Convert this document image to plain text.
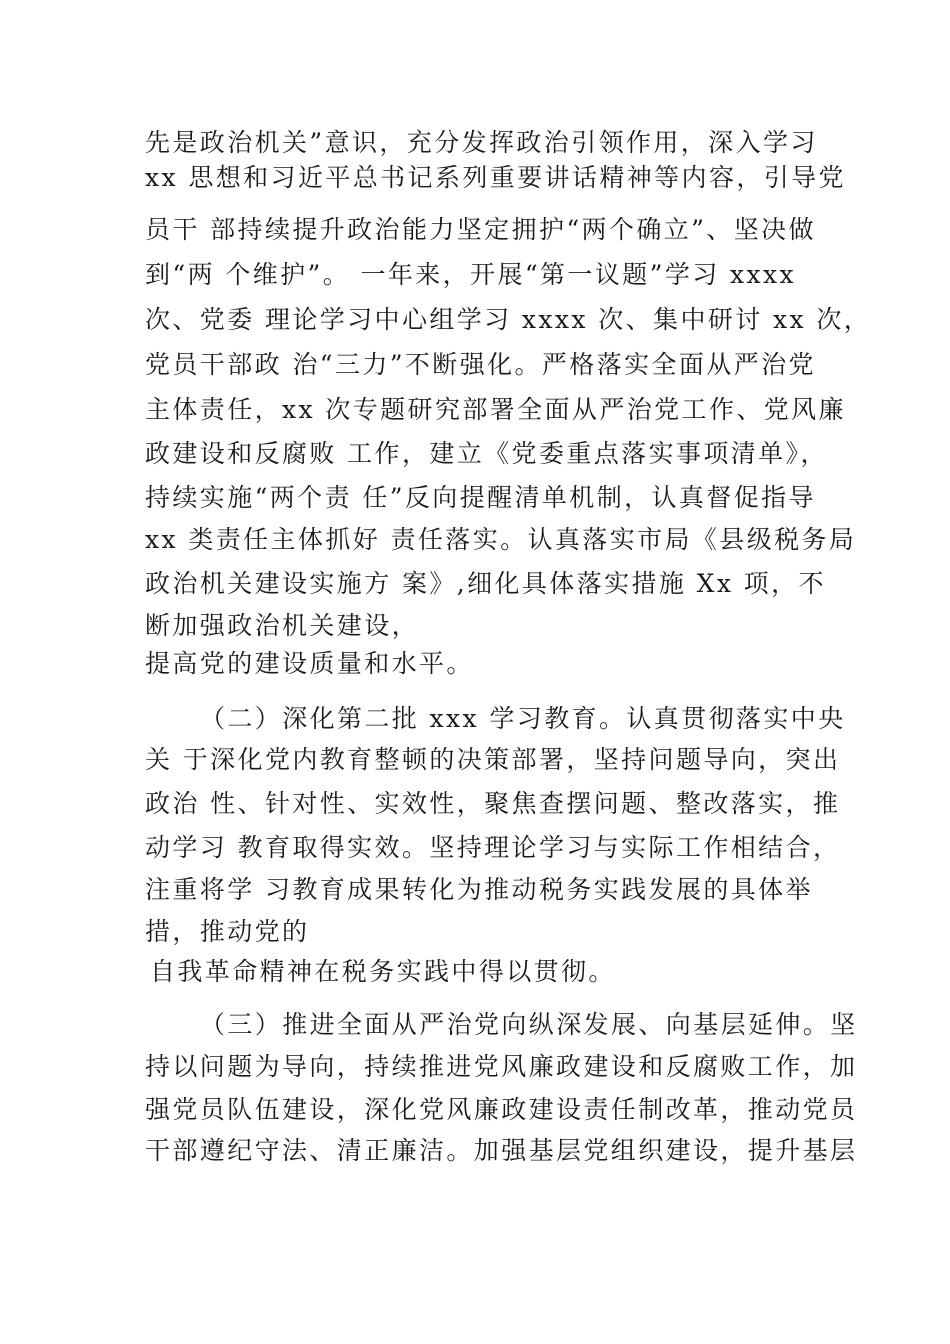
先是政治机关”意识，充分发挥政治引领作用，深入学习
xx 思想和习近平总书记系列重要讲话精神等内容，引导党
员干 部持续提升政治能力坚定拥护“两个确立”、坚决做
到“两 个维护”。 一年来，开展“第一议题”学习 xxxx
次、党委 理论学习中心组学习 xxxx 次、集中研讨 xx 次，
党员干部政 治“三力”不断强化。严格落实全面从严治党
主体责任，xx 次专题研究部署全面从严治党工作、党风廉
政建设和反腐败 工作，建立《党委重点落实事项清单》，
持续实施“两个责 任”反向提醒清单机制，认真督促指导
xx 类责任主体抓好 责任落实。认真落实市局《县级税务局
政治机关建设实施方 案》,细化具体落实措施 Xx 项，不
断加强政治机关建设，
提高党的建设质量和水平。
（二）深化第二批 xxx 学习教育。认真贯彻落实中央
关 于深化党内教育整顿的决策部署，坚持问题导向，突出
政治 性、针对性、实效性，聚焦查摆问题、整改落实，推
动学习 教育取得实效。坚持理论学习与实际工作相结合，
注重将学 习教育成果转化为推动税务实践发展的具体举
措，推动党的
自我革命精神在税务实践中得以贯彻。
（三）推进全面从严治党向纵深发展、向基层延伸。坚
持以问题为导向，持续推进党风廉政建设和反腐败工作，加
强党员队伍建设，深化党风廉政建设责任制改革，推动党员
干部遵纪守法、清正廉洁。加强基层党组织建设，提升基层
